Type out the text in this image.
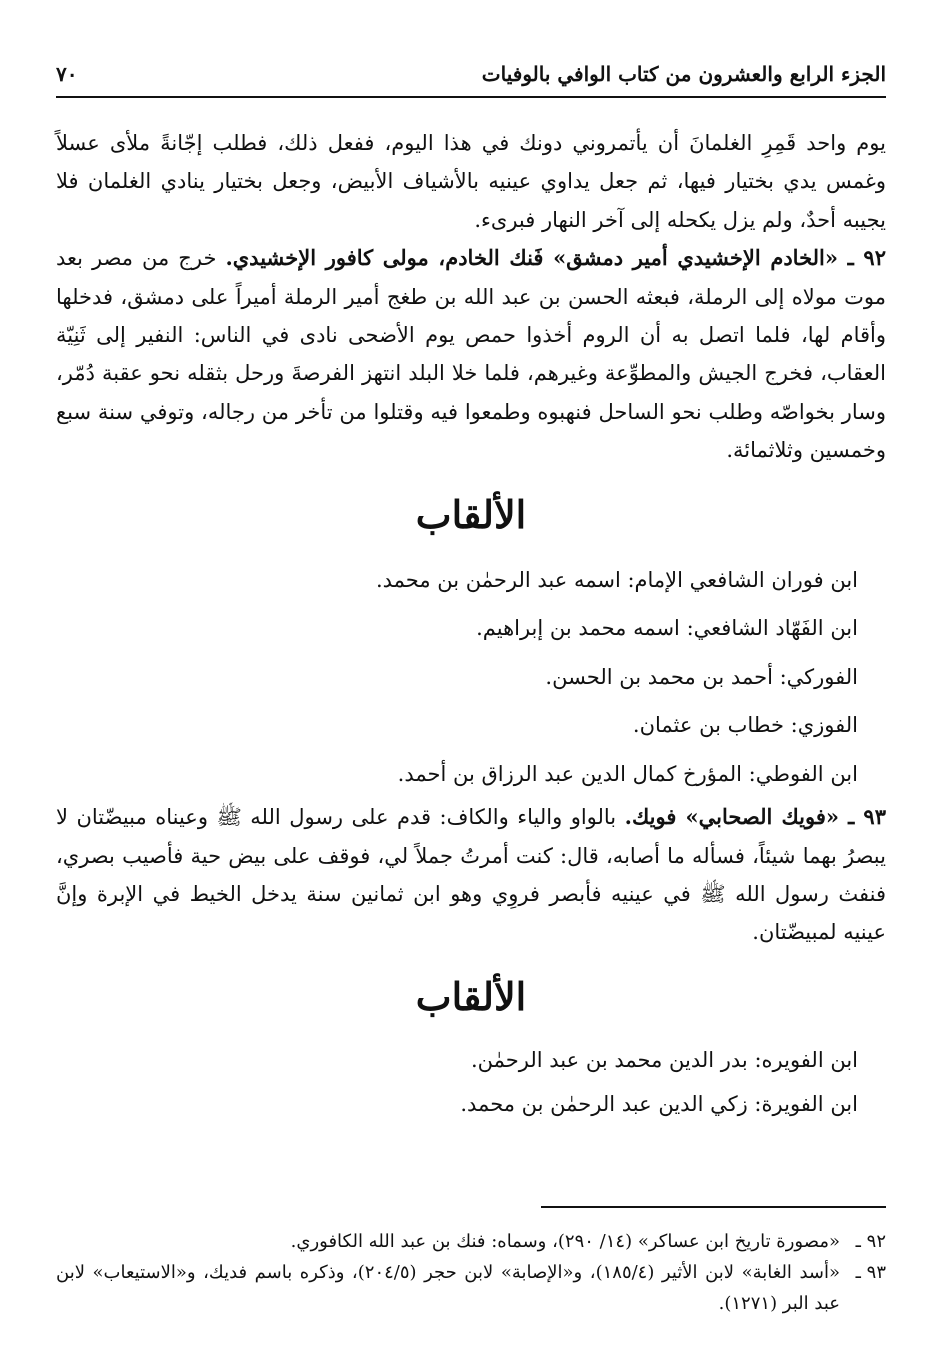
الجزء الرابع والعشرون من كتاب الوافي بالوفيات
٧٠

يوم واحد قَمِرِ الغلمانَ أن يأتمروني دونك في هذا اليوم، ففعل ذلك، فطلب إجّانةً ملأى عسلاً وغمس يدي بختيار فيها، ثم جعل يداوي عينيه بالأشياف الأبيض، وجعل بختيار ينادي الغلمان فلا يجيبه أحدٌ، ولم يزل يكحله إلى آخر النهار فبرىء.

٩٢ ـ «الخادم الإخشيدي أمير دمشق» فَنك الخادم، مولى كافور الإخشيدي. خرج من مصر بعد موت مولاه إلى الرملة، فبعثه الحسن بن عبد الله بن طغج أمير الرملة أميراً على دمشق، فدخلها وأقام لها، فلما اتصل به أن الروم أخذوا حمص يوم الأضحى نادى في الناس: النفير إلى ثَنِيّة العقاب، فخرج الجيش والمطوِّعة وغيرهم، فلما خلا البلد انتهز الفرصةَ ورحل بثقله نحو عقبة دُمّر، وسار بخواصّه وطلب نحو الساحل فنهبوه وطمعوا فيه وقتلوا من تأخر من رجاله، وتوفي سنة سبع وخمسين وثلاثمائة.

الألقاب
ابن فوران الشافعي الإمام: اسمه عبد الرحمٰن بن محمد.
ابن الفَهّاد الشافعي: اسمه محمد بن إبراهيم.
الفوركي: أحمد بن محمد بن الحسن.
الفوزي: خطاب بن عثمان.
ابن الفوطي: المؤرخ كمال الدين عبد الرزاق بن أحمد.

٩٣ ـ «فويك الصحابي» فويك. بالواو والياء والكاف: قدم على رسول الله ﷺ وعيناه مبيضّتان لا يبصرُ بهما شيئاً، فسأله ما أصابه، قال: كنت أمرتُ جملاً لي، فوقف على بيض حية فأصيب بصري، فنفث رسول الله ﷺ في عينيه فأبصر فروِي وهو ابن ثمانين سنة يدخل الخيط في الإبرة وإنَّ عينيه لمبيضّتان.

الألقاب
ابن الفويره: بدر الدين محمد بن عبد الرحمٰن.
ابن الفويرة: زكي الدين عبد الرحمٰن بن محمد.
٩٢ ـ
«مصورة تاريخ ابن عساكر» (١٤/ ٢٩٠)، وسماه: فنك بن عبد الله الكافوري.
٩٣ ـ
«أسد الغابة» لابن الأثير (١٨٥/٤)، و«الإصابة» لابن حجر (٢٠٤/٥)، وذكره باسم فديك، و«الاستيعاب» لابن عبد البر (١٢٧١).
